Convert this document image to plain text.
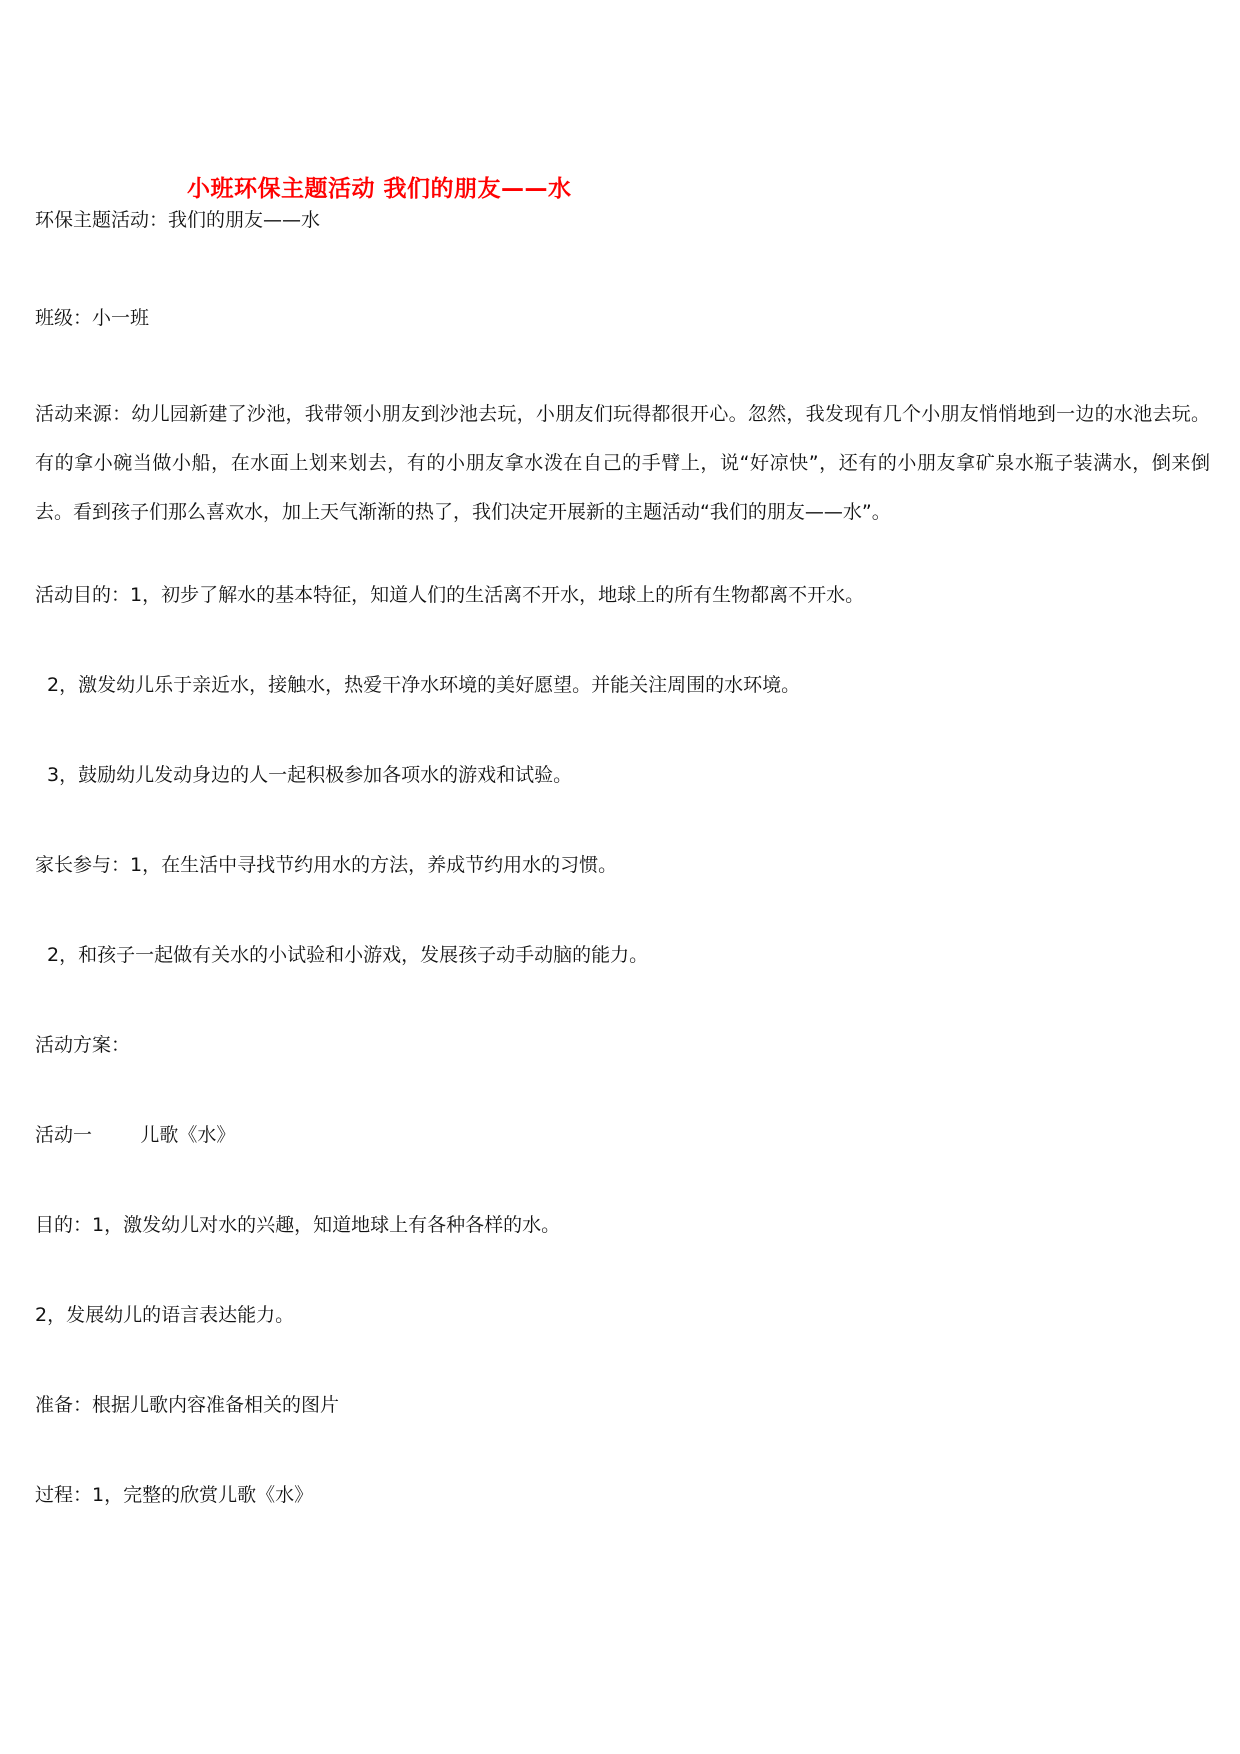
小班环保主题活动 我们的朋友——水
环保主题活动：我们的朋友——水
班级：小一班
活动来源：幼儿园新建了沙池，我带领小朋友到沙池去玩，小朋友们玩得都很开心。忽然，我发现有几个小朋友悄悄地到一边的水池去玩。有的拿小碗当做小船，在水面上划来划去，有的小朋友拿水泼在自己的手臂上，说“好凉快”，还有的小朋友拿矿泉水瓶子装满水，倒来倒去。看到孩子们那么喜欢水，加上天气渐渐的热了，我们决定开展新的主题活动“我们的朋友——水”。
活动目的：1，初步了解水的基本特征，知道人们的生活离不开水，地球上的所有生物都离不开水。
2，激发幼儿乐于亲近水，接触水，热爱干净水环境的美好愿望。并能关注周围的水环境。
3，鼓励幼儿发动身边的人一起积极参加各项水的游戏和试验。
家长参与：1，在生活中寻找节约用水的方法，养成节约用水的习惯。
2，和孩子一起做有关水的小试验和小游戏，发展孩子动手动脑的能力。
活动方案：
活动一        儿歌《水》
目的：1，激发幼儿对水的兴趣，知道地球上有各种各样的水。
2，发展幼儿的语言表达能力。
准备：根据儿歌内容准备相关的图片
过程：1，完整的欣赏儿歌《水》
